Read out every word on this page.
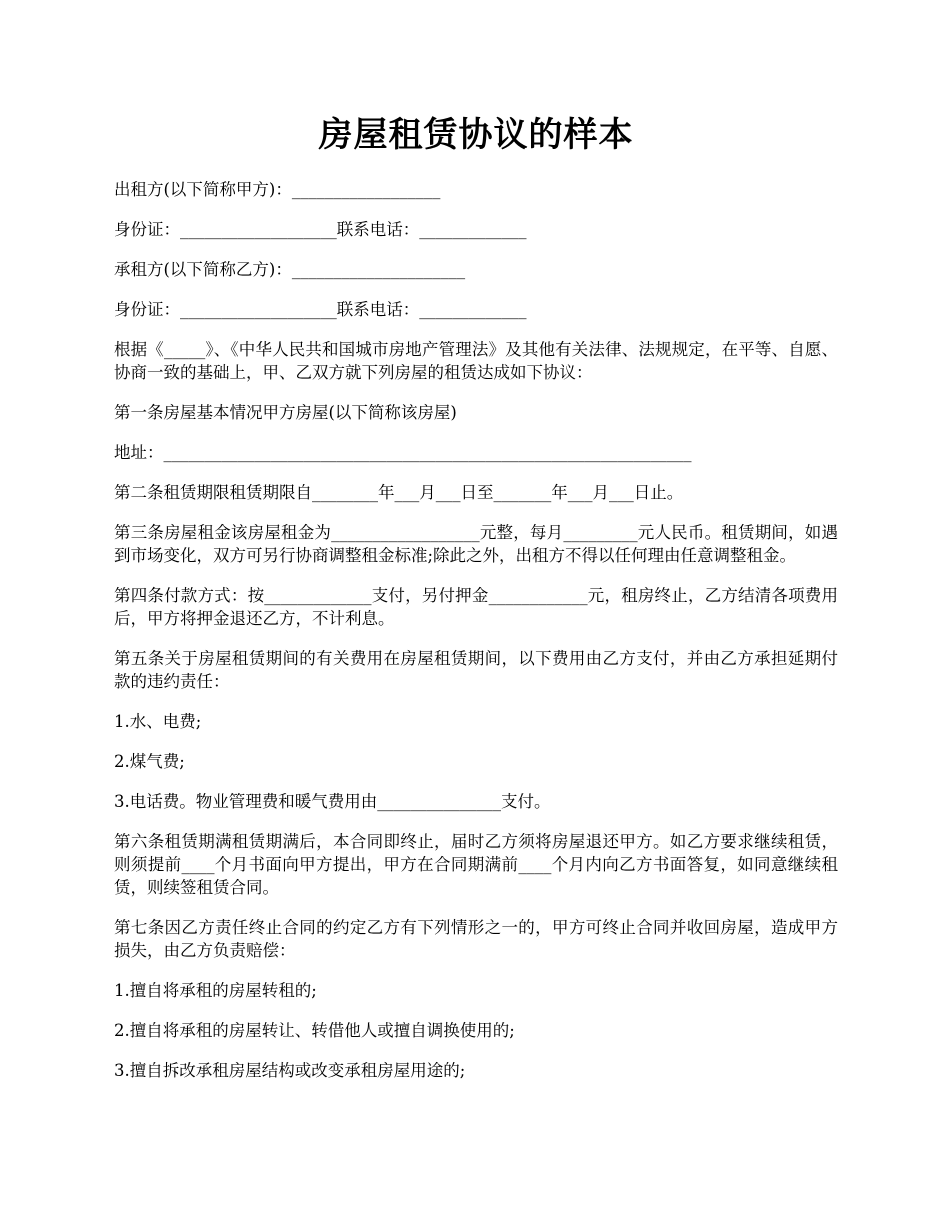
房屋租赁协议的样本
出租方(以下简称甲方)：__________________
身份证：___________________联系电话：_____________
承租方(以下简称乙方)：_____________________
身份证：___________________联系电话：_____________
根据《_____》、《中华人民共和国城市房地产管理法》及其他有关法律、法规规定，在平等、自愿、协商一致的基础上，甲、乙双方就下列房屋的租赁达成如下协议：
第一条房屋基本情况甲方房屋(以下简称该房屋)
地址：________________________________________________________________
第二条租赁期限租赁期限自________年___月___日至_______年___月___日止。
第三条房屋租金该房屋租金为__________________元整，每月_________元人民币。租赁期间，如遇到市场变化，双方可另行协商调整租金标准;除此之外，出租方不得以任何理由任意调整租金。
第四条付款方式：按_____________支付，另付押金____________元，租房终止，乙方结清各项费用后，甲方将押金退还乙方，不计利息。
第五条关于房屋租赁期间的有关费用在房屋租赁期间，以下费用由乙方支付，并由乙方承担延期付款的违约责任：
1.水、电费;
2.煤气费;
3.电话费。物业管理费和暖气费用由_______________支付。
第六条租赁期满租赁期满后，本合同即终止，届时乙方须将房屋退还甲方。如乙方要求继续租赁，则须提前____个月书面向甲方提出，甲方在合同期满前____个月内向乙方书面答复，如同意继续租赁，则续签租赁合同。
第七条因乙方责任终止合同的约定乙方有下列情形之一的，甲方可终止合同并收回房屋，造成甲方损失，由乙方负责赔偿：
1.擅自将承租的房屋转租的;
2.擅自将承租的房屋转让、转借他人或擅自调换使用的;
3.擅自拆改承租房屋结构或改变承租房屋用途的;
